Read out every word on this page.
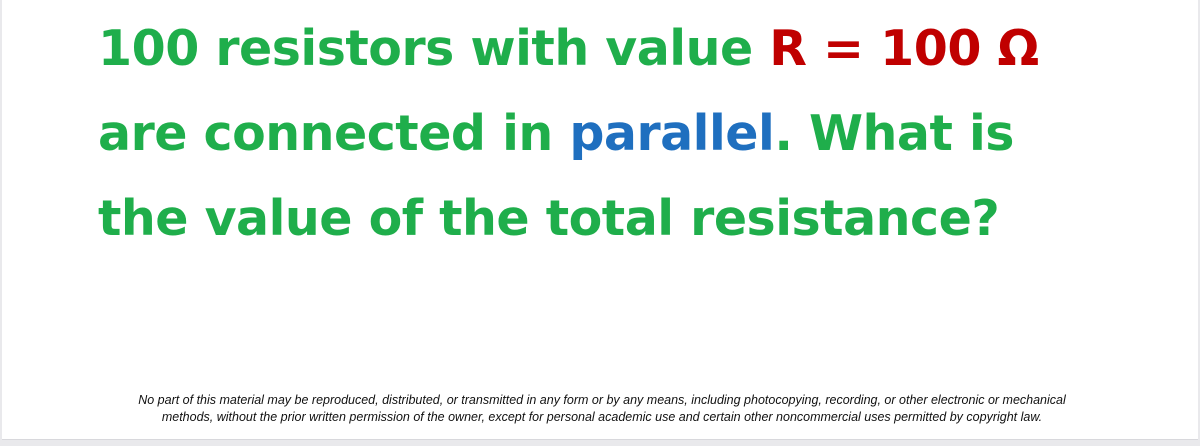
100 resistors with value R = 100 Ω
are connected in parallel. What is
the value of the total resistance?

No part of this material may be reproduced, distributed, or transmitted in any form or by any means, including photocopying, recording, or other electronic or mechanical
methods, without the prior written permission of the owner, except for personal academic use and certain other noncommercial uses permitted by copyright law.
